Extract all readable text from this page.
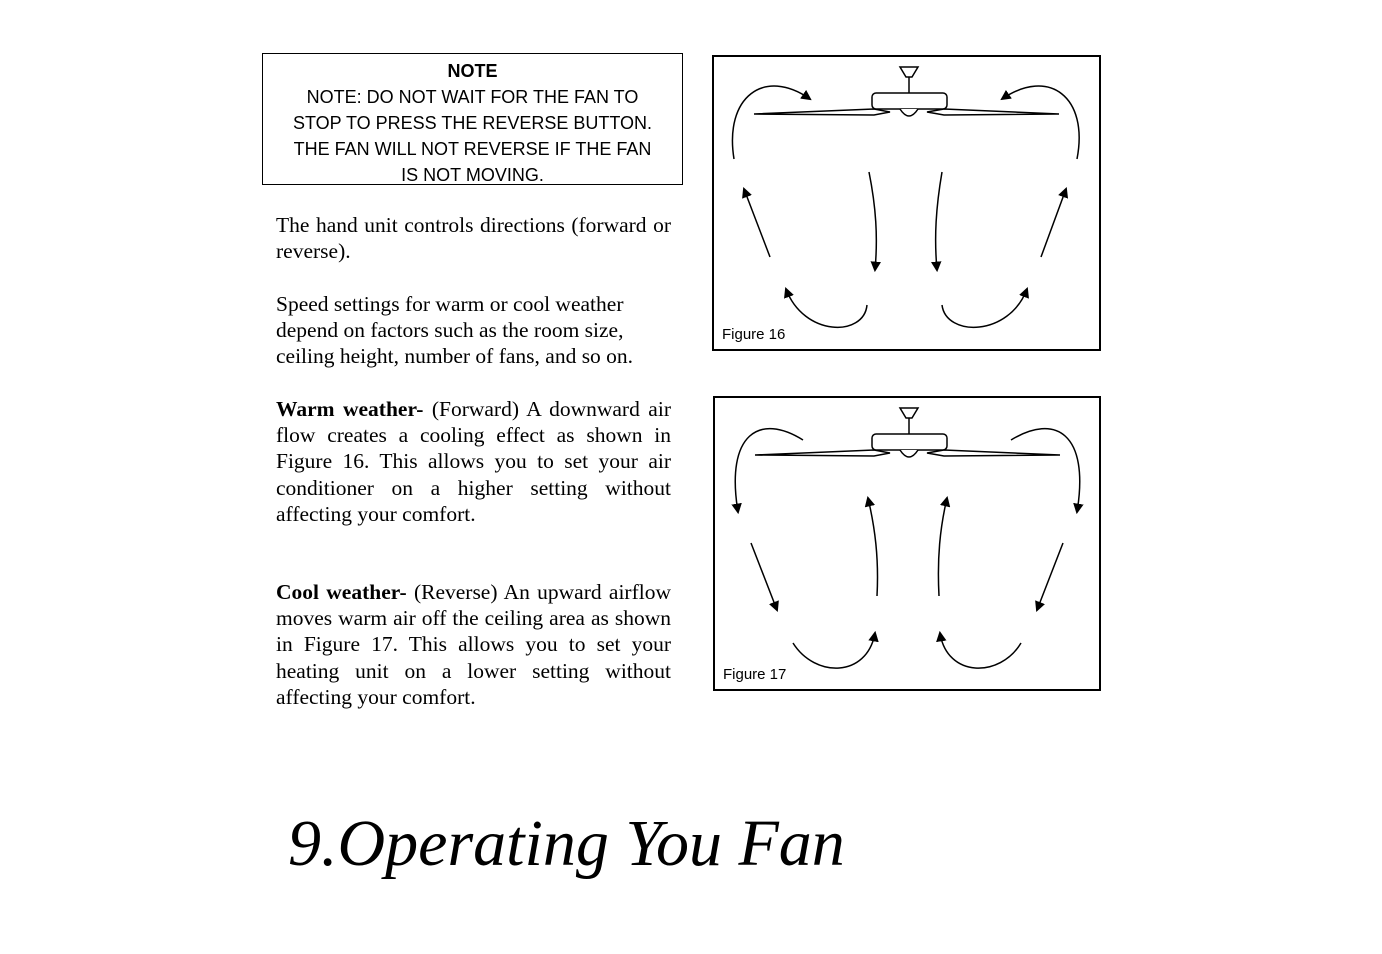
NOTE
NOTE: DO NOT WAIT FOR THE FAN TO
STOP TO PRESS THE REVERSE BUTTON.
THE FAN WILL NOT REVERSE IF THE FAN
IS NOT MOVING.
The hand unit controls directions (forward or reverse).
Speed settings for warm or cool weather depend on factors such as the room size, ceiling height, number of fans, and so on.
Warm weather- (Forward) A downward air flow creates a cooling effect as shown in Figure 16. This allows you to set your air conditioner on a higher setting without affecting your comfort.
Cool weather- (Reverse) An upward airflow moves warm air off the ceiling area as shown in Figure 17. This allows you to set your heating unit on a lower setting without affecting your comfort.
Figure 16
Figure 17
9.Operating You Fan
